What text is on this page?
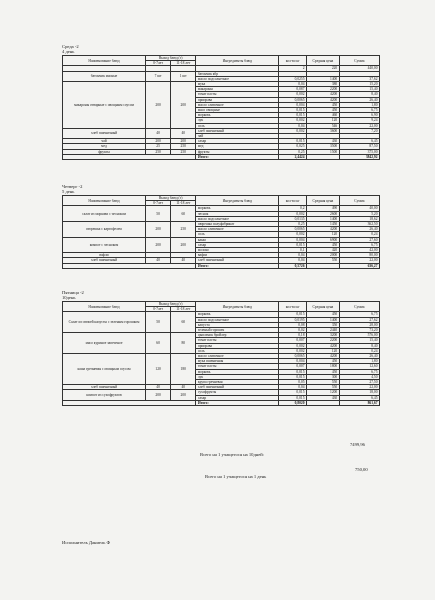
Среда -2
4 день
Наименование блюд	Выход блюд (г)		Ингредиенты блюд	кол-во кг	Средняя цена	Сумма
	0-7лет	11-18 лет				
				2	220	440,00
батончик мясные	7 шт	1 шт	батончик кбр			
			масло подсолнечное	0,0255	1400	37,62
макароны отварные с овощным соусом	200	200	мука	0,04	380	15,20
			макароны	0,087	2200	15,40
			томат пасты	0,002	4200	8,40
			приправа	0,0065	4200	26,40
			масло сливочное	0,004	450	1,80
			мясо овощные	0,015	450	6,75
			морковь	0,015	460	6,90
			лук	0,002	120	9,24
			соль	0,04	546	22,00
хлеб пшеничный	40	40	хлеб пшеничный	0,002	3600	7,20
			чай			
чай	200	200	сахар	0,015	430	6,45
мед	25	250	мед	0,025	3500	87,50
фрукты	250	250	фрукты	0,25	1500	375,00
			Итого:	2,4424		3842,92
Четверг -2
5 день
Наименование блюд	Выход блюд (г)		Ингредиенты блюд	кол-во кг	Средняя цена	Сумма
	0-7лет	11-18 лет				
салат из моркови с чесноком	50	60	морковь	0,2	490	40,00
			чеснок	0,002	2600	5,20
			масло подсолнечное	0,0135	1400	18,62
пюрешка с картофелем	200	250	пюрешка полуфабрикат	0,25	1450	362,50
			масло сливочное	0,0065	4200	26,40
			соль	0,002	120	0,24
компот с чесноком	200	200	какао	0,004	6900	27,60
			сахар	0,015	450	6,75
			молоко	0,1	420	42,00
вафли			вафли	0,04	2000	80,00
хлеб пшеничный	40	40	хлеб пшеничный	0,04	550	22,00
			Итого:	0,5726		636,27
Пятница -2
10день
Наименование блюд	Выход блюд (г)		Ингредиенты блюд	кол-во кг	Средняя цена	Сумма
	0-7лет	11-18 лет				
Салат из свежей капусты с зеленым горошком	50	60	морковь	0,015	450	6,75
			масло подсолнечное	0,0195	1400	27,62
			капуста	0,08	350	28,00
			зеленый горошек	0,02	2440	73,20
мясо куриное запеченое	60	80	цыпленок бройлер	0,18	3200	576,00
			томат пасты	0,007	2200	15,40
			приправа	0,002	4200	8,40
			соль	0,002	120	0,24
каша гречневая с овощным соусом	120	180	масло сливочное	0,0065	4200	26,40
			мука пшеничная	0,004	450	1,80
			томат пасты	0,007	1800	12,60
			морковь	0,015	450	6,75
			лук	0,015	300	4,50
			крупа гречневая	0,05	550	27,50
хлеб пшеничный	40	40	хлеб пшеничный	0,04	550	22,00
компот из сухофруктов	200	200	сухофрукты	0,015	1200	18,00
			сахар	0,015	430	6,45
			Итого:	0,8020		861,67
Всего на 1 учащегося на 10дней:
7499,96
Всего на 1 учащегося на 1 день
750,00
Исполнитель Даниель Ф
